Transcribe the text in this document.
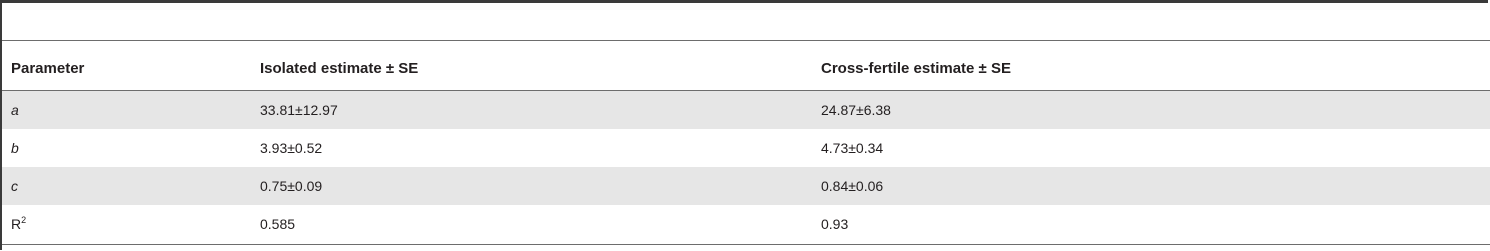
Parameter	Isolated estimate ± SE	Cross-fertile estimate ± SE
a	33.81±12.97	24.87±6.38
b	3.93±0.52	4.73±0.34
c	0.75±0.09	0.84±0.06
$R^2$	0.585	0.93
